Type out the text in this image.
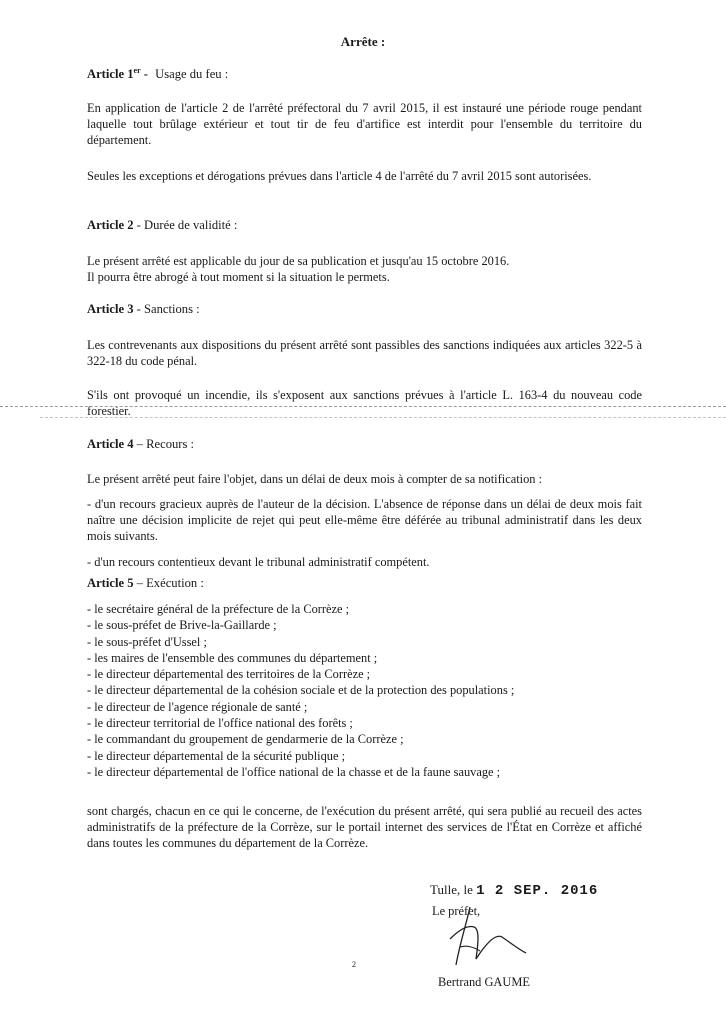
Arrête :
Article 1er - Usage du feu :
En application de l'article 2 de l'arrêté préfectoral du 7 avril 2015, il est instauré une période rouge pendant laquelle tout brûlage extérieur et tout tir de feu d'artifice est interdit pour l'ensemble du territoire du département.
Seules les exceptions et dérogations prévues dans l'article 4 de l'arrêté du 7 avril 2015 sont autorisées.
Article 2 - Durée de validité :
Le présent arrêté est applicable du jour de sa publication et jusqu'au 15 octobre 2016.
Il pourra être abrogé à tout moment si la situation le permets.
Article 3 - Sanctions :
Les contrevenants aux dispositions du présent arrêté sont passibles des sanctions indiquées aux articles 322-5 à 322-18 du code pénal.
S'ils ont provoqué un incendie, ils s'exposent aux sanctions prévues à l'article L. 163-4 du nouveau code forestier.
Article 4 – Recours :
Le présent arrêté peut faire l'objet, dans un délai de deux mois à compter de sa notification :
- d'un recours gracieux auprès de l'auteur de la décision. L'absence de réponse dans un délai de deux mois fait naître une décision implicite de rejet qui peut elle-même être déférée au tribunal administratif dans les deux mois suivants.
- d'un recours contentieux devant le tribunal administratif compétent.
Article 5 – Exécution :
- le secrétaire général de la préfecture de la Corrèze ;
- le sous-préfet de Brive-la-Gaillarde ;
- le sous-préfet d'Ussel ;
- les maires de l'ensemble des communes du département ;
- le directeur départemental des territoires de la Corrèze ;
- le directeur départemental de la cohésion sociale et de la protection des populations ;
- le directeur de l'agence régionale de santé ;
- le directeur territorial de l'office national des forêts ;
- le commandant du groupement de gendarmerie de la Corrèze ;
- le directeur départemental de la sécurité publique ;
- le directeur départemental de l'office national de la chasse et de la faune sauvage ;
sont chargés, chacun en ce qui le concerne, de l'exécution du présent arrêté, qui sera publié au recueil des actes administratifs de la préfecture de la Corrèze, sur le portail internet des services de l'État en Corrèze et affiché dans toutes les communes du département de la Corrèze.
Tulle, le 1 2 SEP. 2016
Le préfet,
2
Bertrand GAUME
